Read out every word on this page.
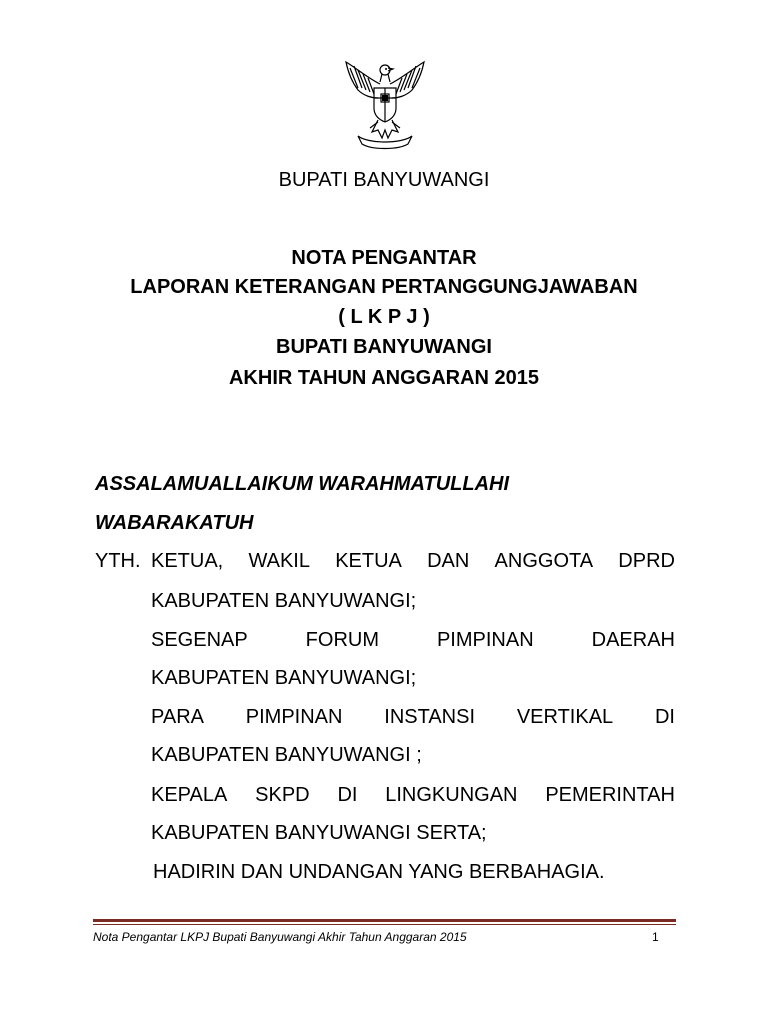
BUPATI BANYUWANGI
NOTA PENGANTAR
LAPORAN KETERANGAN PERTANGGUNGJAWABAN
( L K P J )
BUPATI BANYUWANGI
AKHIR TAHUN ANGGARAN 2015
ASSALAMUALLAIKUM WARAHMATULLAHI
WABARAKATUH
YTH. KETUA, WAKIL KETUA DAN ANGGOTA DPRD
KABUPATEN BANYUWANGI;
SEGENAP	FORUM	PIMPINAN	DAERAH
KABUPATEN BANYUWANGI;
PARA PIMPINAN INSTANSI VERTIKAL DI
KABUPATEN BANYUWANGI ;
KEPALA SKPD DI LINGKUNGAN PEMERINTAH
KABUPATEN BANYUWANGI SERTA;
HADIRIN DAN UNDANGAN YANG BERBAHAGIA.
Nota Pengantar LKPJ Bupati Banyuwangi Akhir Tahun Anggaran 2015	1
